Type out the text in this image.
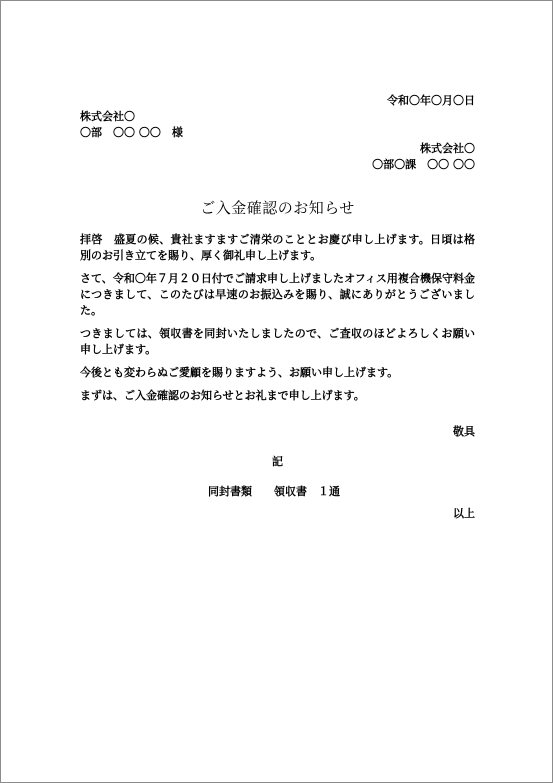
令和〇年〇月〇日
株式会社〇
〇部　〇〇 〇〇　様
株式会社〇
〇部〇課　〇〇 〇〇
ご入金確認のお知らせ

拝啓　盛夏の候、貴社ますますご清栄のこととお慶び申し上げます。日頃は格別のお引き立てを賜り、厚く御礼申し上げます。

さて、令和〇年７月２０日付でご請求申し上げましたオフィス用複合機保守料金につきまして、このたびは早速のお振込みを賜り、誠にありがとうございました。

つきましては、領収書を同封いたしましたので、ご査収のほどよろしくお願い申し上げます。

今後とも変わらぬご愛顧を賜りますよう、お願い申し上げます。

まずは、ご入金確認のお知らせとお礼まで申し上げます。

敬具
記
同封書類 領収書　１通
以上
